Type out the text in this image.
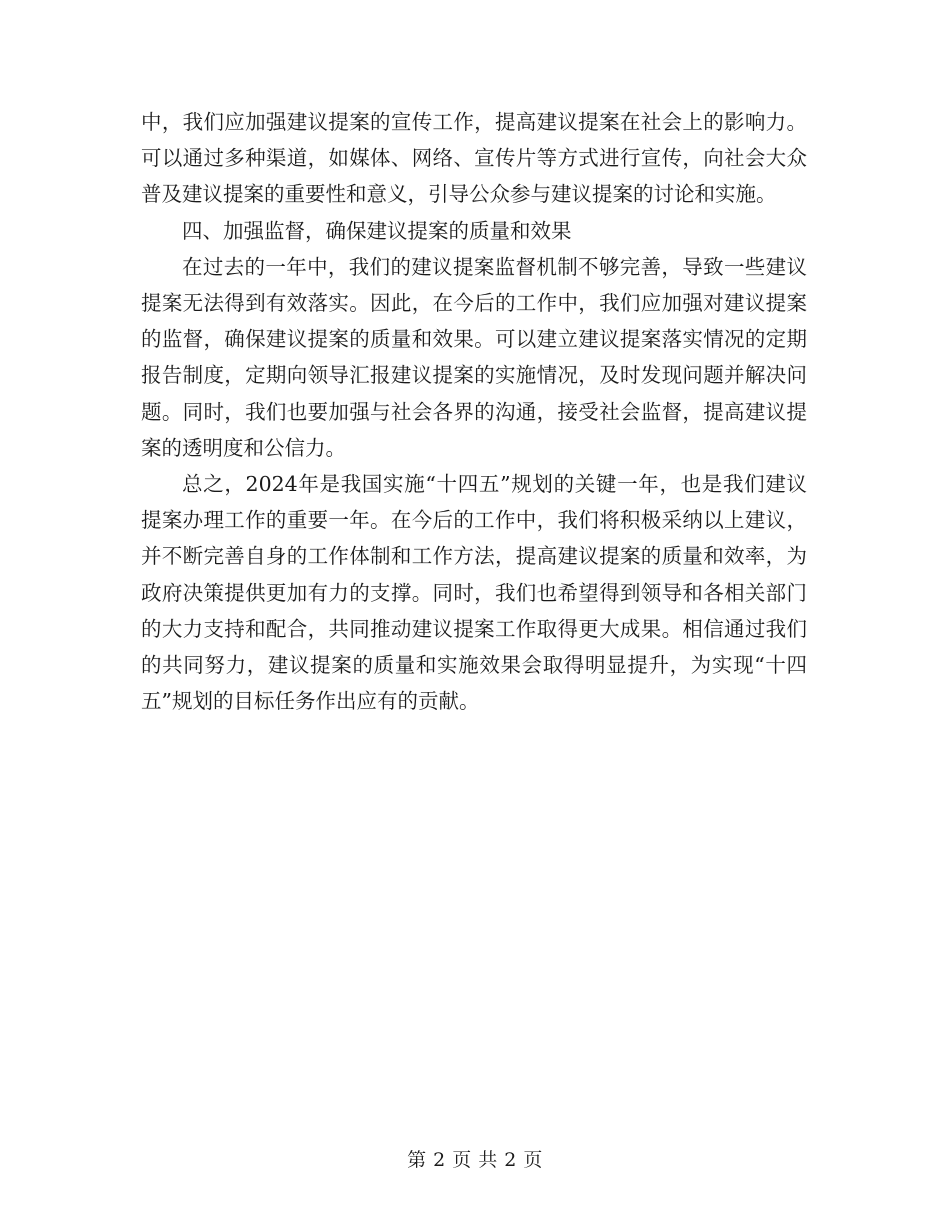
中，我们应加强建议提案的宣传工作，提高建议提案在社会上的影响力。可以通过多种渠道，如媒体、网络、宣传片等方式进行宣传，向社会大众普及建议提案的重要性和意义，引导公众参与建议提案的讨论和实施。

四、加强监督，确保建议提案的质量和效果

在过去的一年中，我们的建议提案监督机制不够完善，导致一些建议提案无法得到有效落实。因此，在今后的工作中，我们应加强对建议提案的监督，确保建议提案的质量和效果。可以建立建议提案落实情况的定期报告制度，定期向领导汇报建议提案的实施情况，及时发现问题并解决问题。同时，我们也要加强与社会各界的沟通，接受社会监督，提高建议提案的透明度和公信力。

总之，2024年是我国实施“十四五”规划的关键一年，也是我们建议提案办理工作的重要一年。在今后的工作中，我们将积极采纳以上建议，并不断完善自身的工作体制和工作方法，提高建议提案的质量和效率，为政府决策提供更加有力的支撑。同时，我们也希望得到领导和各相关部门的大力支持和配合，共同推动建议提案工作取得更大成果。相信通过我们的共同努力，建议提案的质量和实施效果会取得明显提升，为实现“十四五”规划的目标任务作出应有的贡献。

第 2 页 共 2 页
